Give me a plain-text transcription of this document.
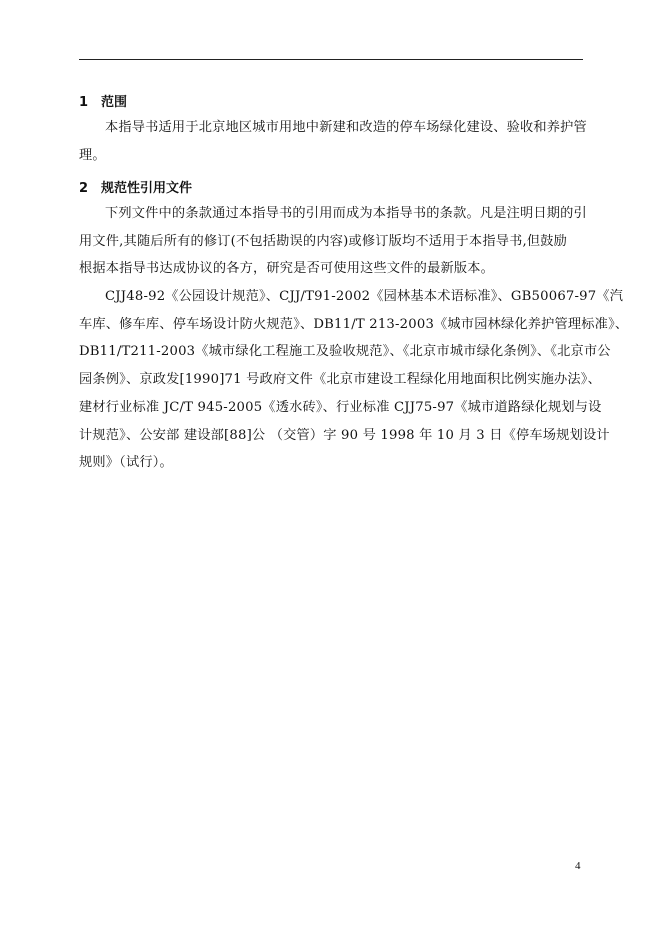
1 范围
本指导书适用于北京地区城市用地中新建和改造的停车场绿化建设、验收和养护管
理。
2 规范性引用文件
下列文件中的条款通过本指导书的引用而成为本指导书的条款。凡是注明日期的引
用文件,其随后所有的修订(不包括勘误的内容)或修订版均不适用于本指导书,但鼓励
根据本指导书达成协议的各方，研究是否可使用这些文件的最新版本。
CJJ48-92《公园设计规范》、CJJ/T91-2002《园林基本术语标准》、GB50067-97《汽
车库、修车库、停车场设计防火规范》、DB11/T 213-2003《城市园林绿化养护管理标准》、
DB11/T211-2003《城市绿化工程施工及验收规范》、《北京市城市绿化条例》、《北京市公
园条例》、京政发[1990]71 号政府文件《北京市建设工程绿化用地面积比例实施办法》、
建材行业标准 JC/T 945-2005《透水砖》、行业标准 CJJ75-97《城市道路绿化规划与设
计规范》、公安部 建设部[88]公 （交管）字 90 号 1998 年 10 月 3 日《停车场规划设计
规则》（试行）。
4
